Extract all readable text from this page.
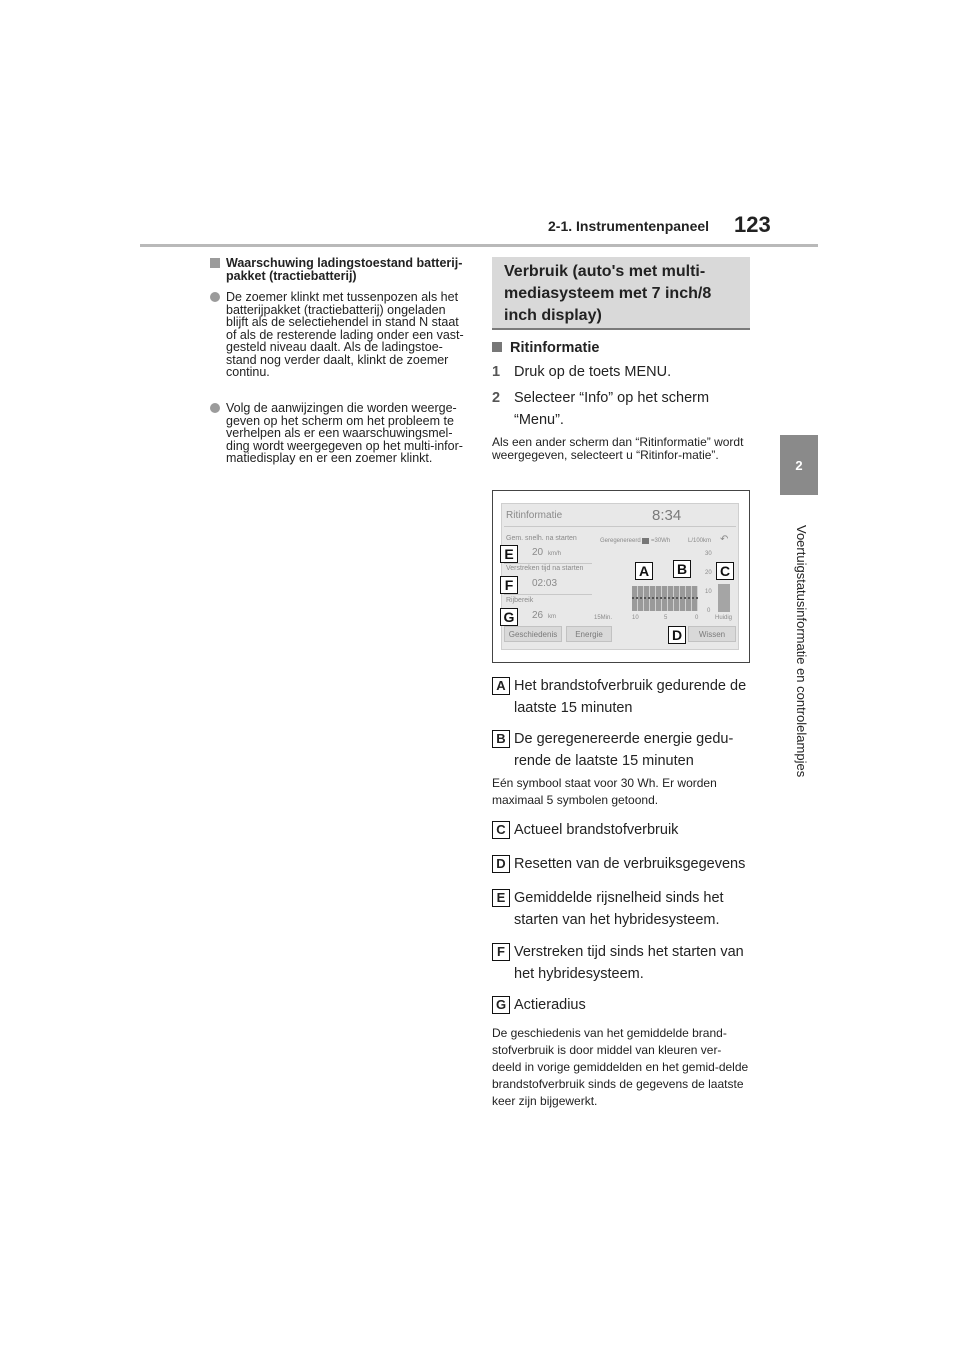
2-1. Instrumentenpaneel 123
2
Voertuigstatusinformatie en controlelampjes
Waarschuwing ladingstoestand batterij-pakket (tractiebatterij)
De zoemer klinkt met tussenpozen als het batterijpakket (tractiebatterij) ongeladen blijft als de selectiehendel in stand N staat of als de resterende lading onder een vast-gesteld niveau daalt. Als de ladingstoe-stand nog verder daalt, klinkt de zoemer continu.
Volg de aanwijzingen die worden weerge-geven op het scherm om het probleem te verhelpen als er een waarschuwingsmel-ding wordt weergegeven op het multi-infor-matiedisplay en er een zoemer klinkt.
Verbruik (auto's met multi-mediasysteem met 7 inch/8 inch display)
Ritinformatie
1 Druk op de toets MENU.
2 Selecteer “Info” op het scherm “Menu”.
Als een ander scherm dan “Ritinformatie” wordt weergegeven, selecteert u “Ritinfor-matie”.
Ritinformatie	8:34
Gem. snelh. na starten
20 km/h
Verstreken tijd na starten
02:03
Rijbereik
26 km
Geregenereerd =30Wh	L/100km ↶
30
20
10
0
15Min.	10	5	0	Huidig
Geschiedenis	Energie	Wissen
E
F
G
A B C
D
A Het brandstofverbruik gedurende de laatste 15 minuten
B De geregenereerde energie gedu-rende de laatste 15 minuten
Eén symbool staat voor 30 Wh. Er worden maximaal 5 symbolen getoond.
C Actueel brandstofverbruik
D Resetten van de verbruiksgegevens
E Gemiddelde rijsnelheid sinds het starten van het hybridesysteem.
F Verstreken tijd sinds het starten van het hybridesysteem.
G Actieradius
De geschiedenis van het gemiddelde brand-stofverbruik is door middel van kleuren ver-deeld in vorige gemiddelden en het gemid-delde brandstofverbruik sinds de gegevens de laatste keer zijn bijgewerkt.
